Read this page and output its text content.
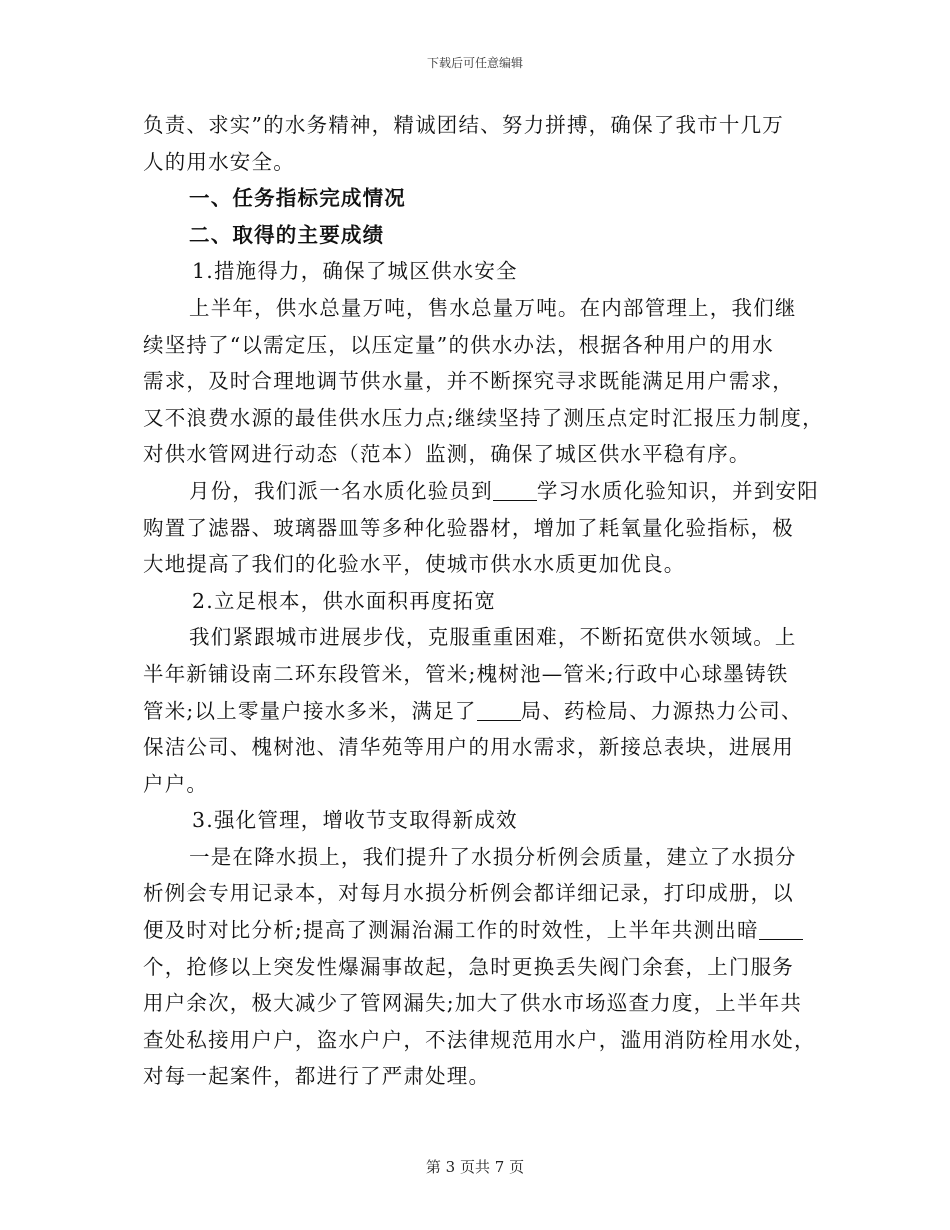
下载后可任意编辑
负责、求实”的水务精神，精诚团结、努力拼搏，确保了我市十几万
人的用水安全。
一、任务指标完成情况
二、取得的主要成绩
1.措施得力，确保了城区供水安全
上半年，供水总量万吨，售水总量万吨。在内部管理上，我们继
续坚持了“以需定压，以压定量”的供水办法，根据各种用户的用水
需求，及时合理地调节供水量，并不断探究寻求既能满足用户需求，
又不浪费水源的最佳供水压力点;继续坚持了测压点定时汇报压力制度，
对供水管网进行动态（范本）监测，确保了城区供水平稳有序。
月份，我们派一名水质化验员到 学习水质化验知识，并到安阳
购置了滤器、玻璃器皿等多种化验器材，增加了耗氧量化验指标，极
大地提高了我们的化验水平，使城市供水水质更加优良。
2.立足根本，供水面积再度拓宽
我们紧跟城市进展步伐，克服重重困难，不断拓宽供水领域。上
半年新铺设南二环东段管米，管米;槐树池—管米;行政中心球墨铸铁
管米;以上零量户接水多米，满足了 局、药检局、力源热力公司、
保洁公司、槐树池、清华苑等用户的用水需求，新接总表块，进展用
户户。
3.强化管理，增收节支取得新成效
一是在降水损上，我们提升了水损分析例会质量，建立了水损分
析例会专用记录本，对每月水损分析例会都详细记录，打印成册，以
便及时对比分析;提高了测漏治漏工作的时效性，上半年共测出暗
个，抢修以上突发性爆漏事故起，急时更换丢失阀门余套，上门服务
用户余次，极大减少了管网漏失;加大了供水市场巡查力度，上半年共
查处私接用户户，盗水户户，不法律规范用水户，滥用消防栓用水处，
对每一起案件，都进行了严肃处理。
第 3 页共 7 页
